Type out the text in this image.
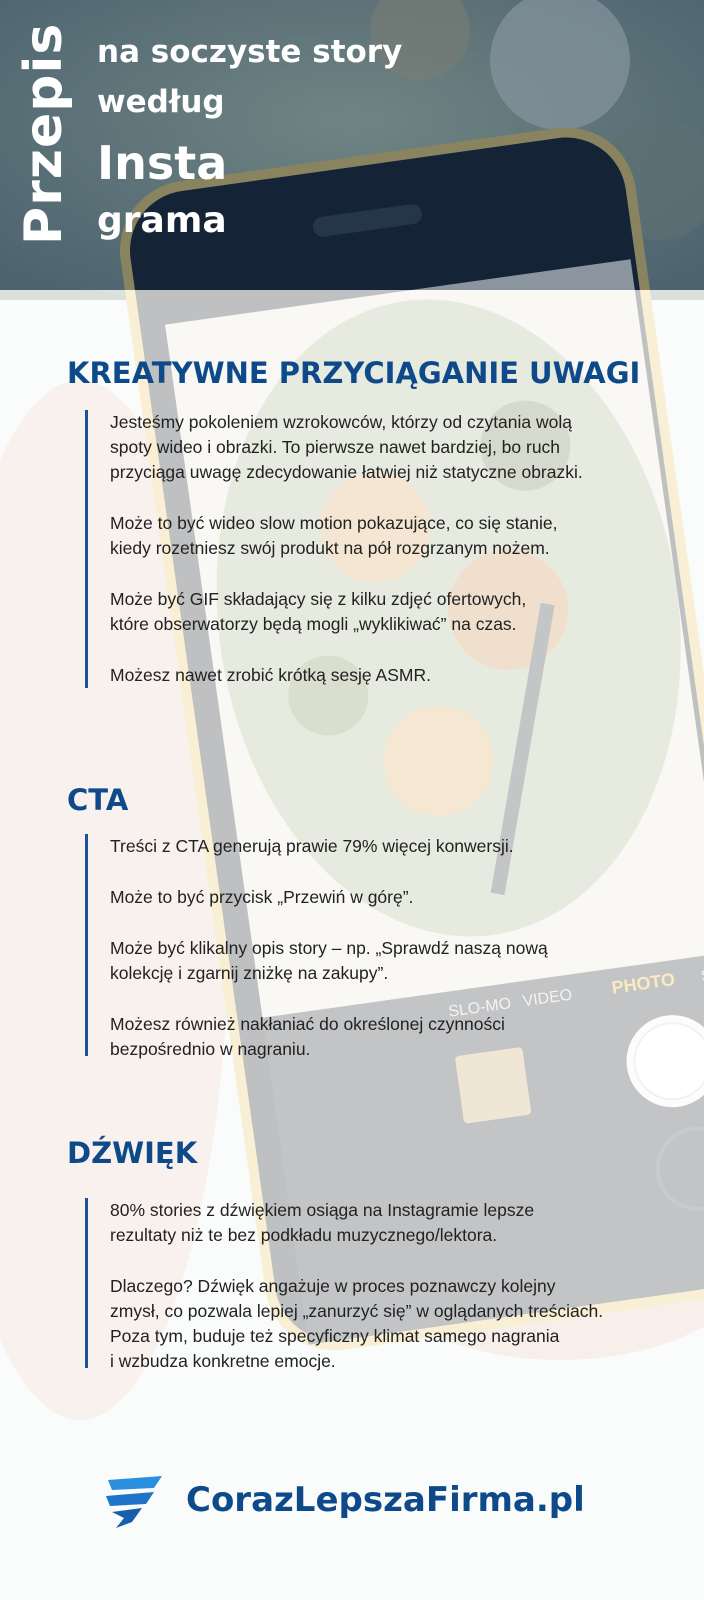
Przepis na soczyste story

według

Insta

grama

KREATYWNE PRZYCIĄGANIE UWAGI

Jesteśmy pokoleniem wzrokowców, którzy od czytania wolą
spoty wideo i obrazki. To pierwsze nawet bardziej, bo ruch
przyciąga uwagę zdecydowanie łatwiej niż statyczne obrazki.

Może to być wideo slow motion pokazujące, co się stanie,
kiedy rozetniesz swój produkt na pół rozgrzanym nożem.

Może być GIF składający się z kilku zdjęć ofertowych,
które obserwatorzy będą mogli „wyklikiwać” na czas.

Możesz nawet zrobić krótką sesję ASMR.

CTA

Treści z CTA generują prawie 79% więcej konwersji.

Może to być przycisk „Przewiń w górę”.

Może być klikalny opis story – np. „Sprawdź naszą nową
kolekcję i zgarnij zniżkę na zakupy”.

Możesz również nakłaniać do określonej czynności
bezpośrednio w nagraniu.

DŹWIĘK

80% stories z dźwiękiem osiąga na Instagramie lepsze
rezultaty niż te bez podkładu muzycznego/lektora.

Dlaczego? Dźwięk angażuje w proces poznawczy kolejny
zmysł, co pozwala lepiej „zanurzyć się” w oglądanych treściach.
Poza tym, buduje też specyficzny klimat samego nagrania
i wzbudza konkretne emocje.

CorazLepszaFirma.pl
